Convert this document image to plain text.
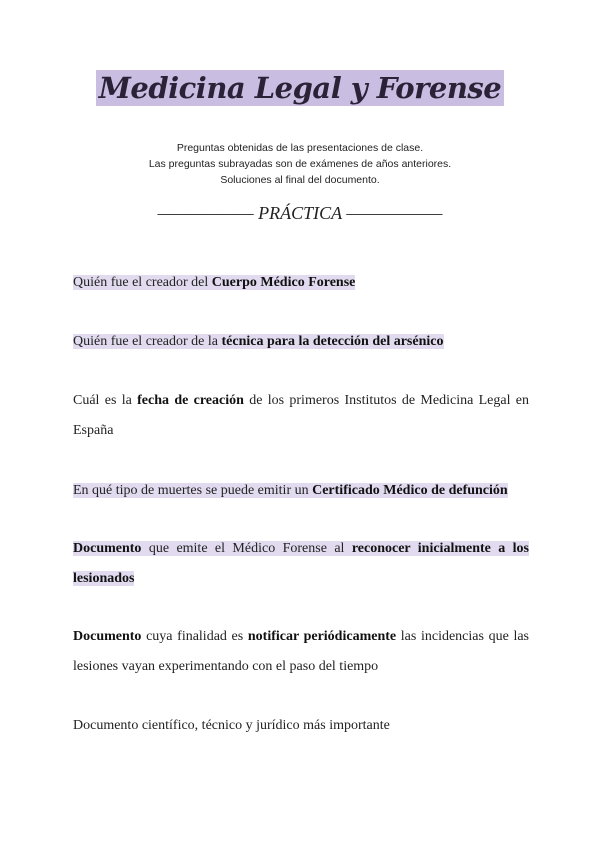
Medicina Legal y Forense
Preguntas obtenidas de las presentaciones de clase.
Las preguntas subrayadas son de exámenes de años anteriores.
Soluciones al final del documento.
—————— PRÁCTICA ——————
Quién fue el creador del Cuerpo Médico Forense
Quién fue el creador de la técnica para la detección del arsénico
Cuál es la fecha de creación de los primeros Institutos de Medicina Legal en España
En qué tipo de muertes se puede emitir un Certificado Médico de defunción
Documento que emite el Médico Forense al reconocer inicialmente a los lesionados
Documento cuya finalidad es notificar periódicamente las incidencias que las lesiones vayan experimentando con el paso del tiempo
Documento científico, técnico y jurídico más importante
